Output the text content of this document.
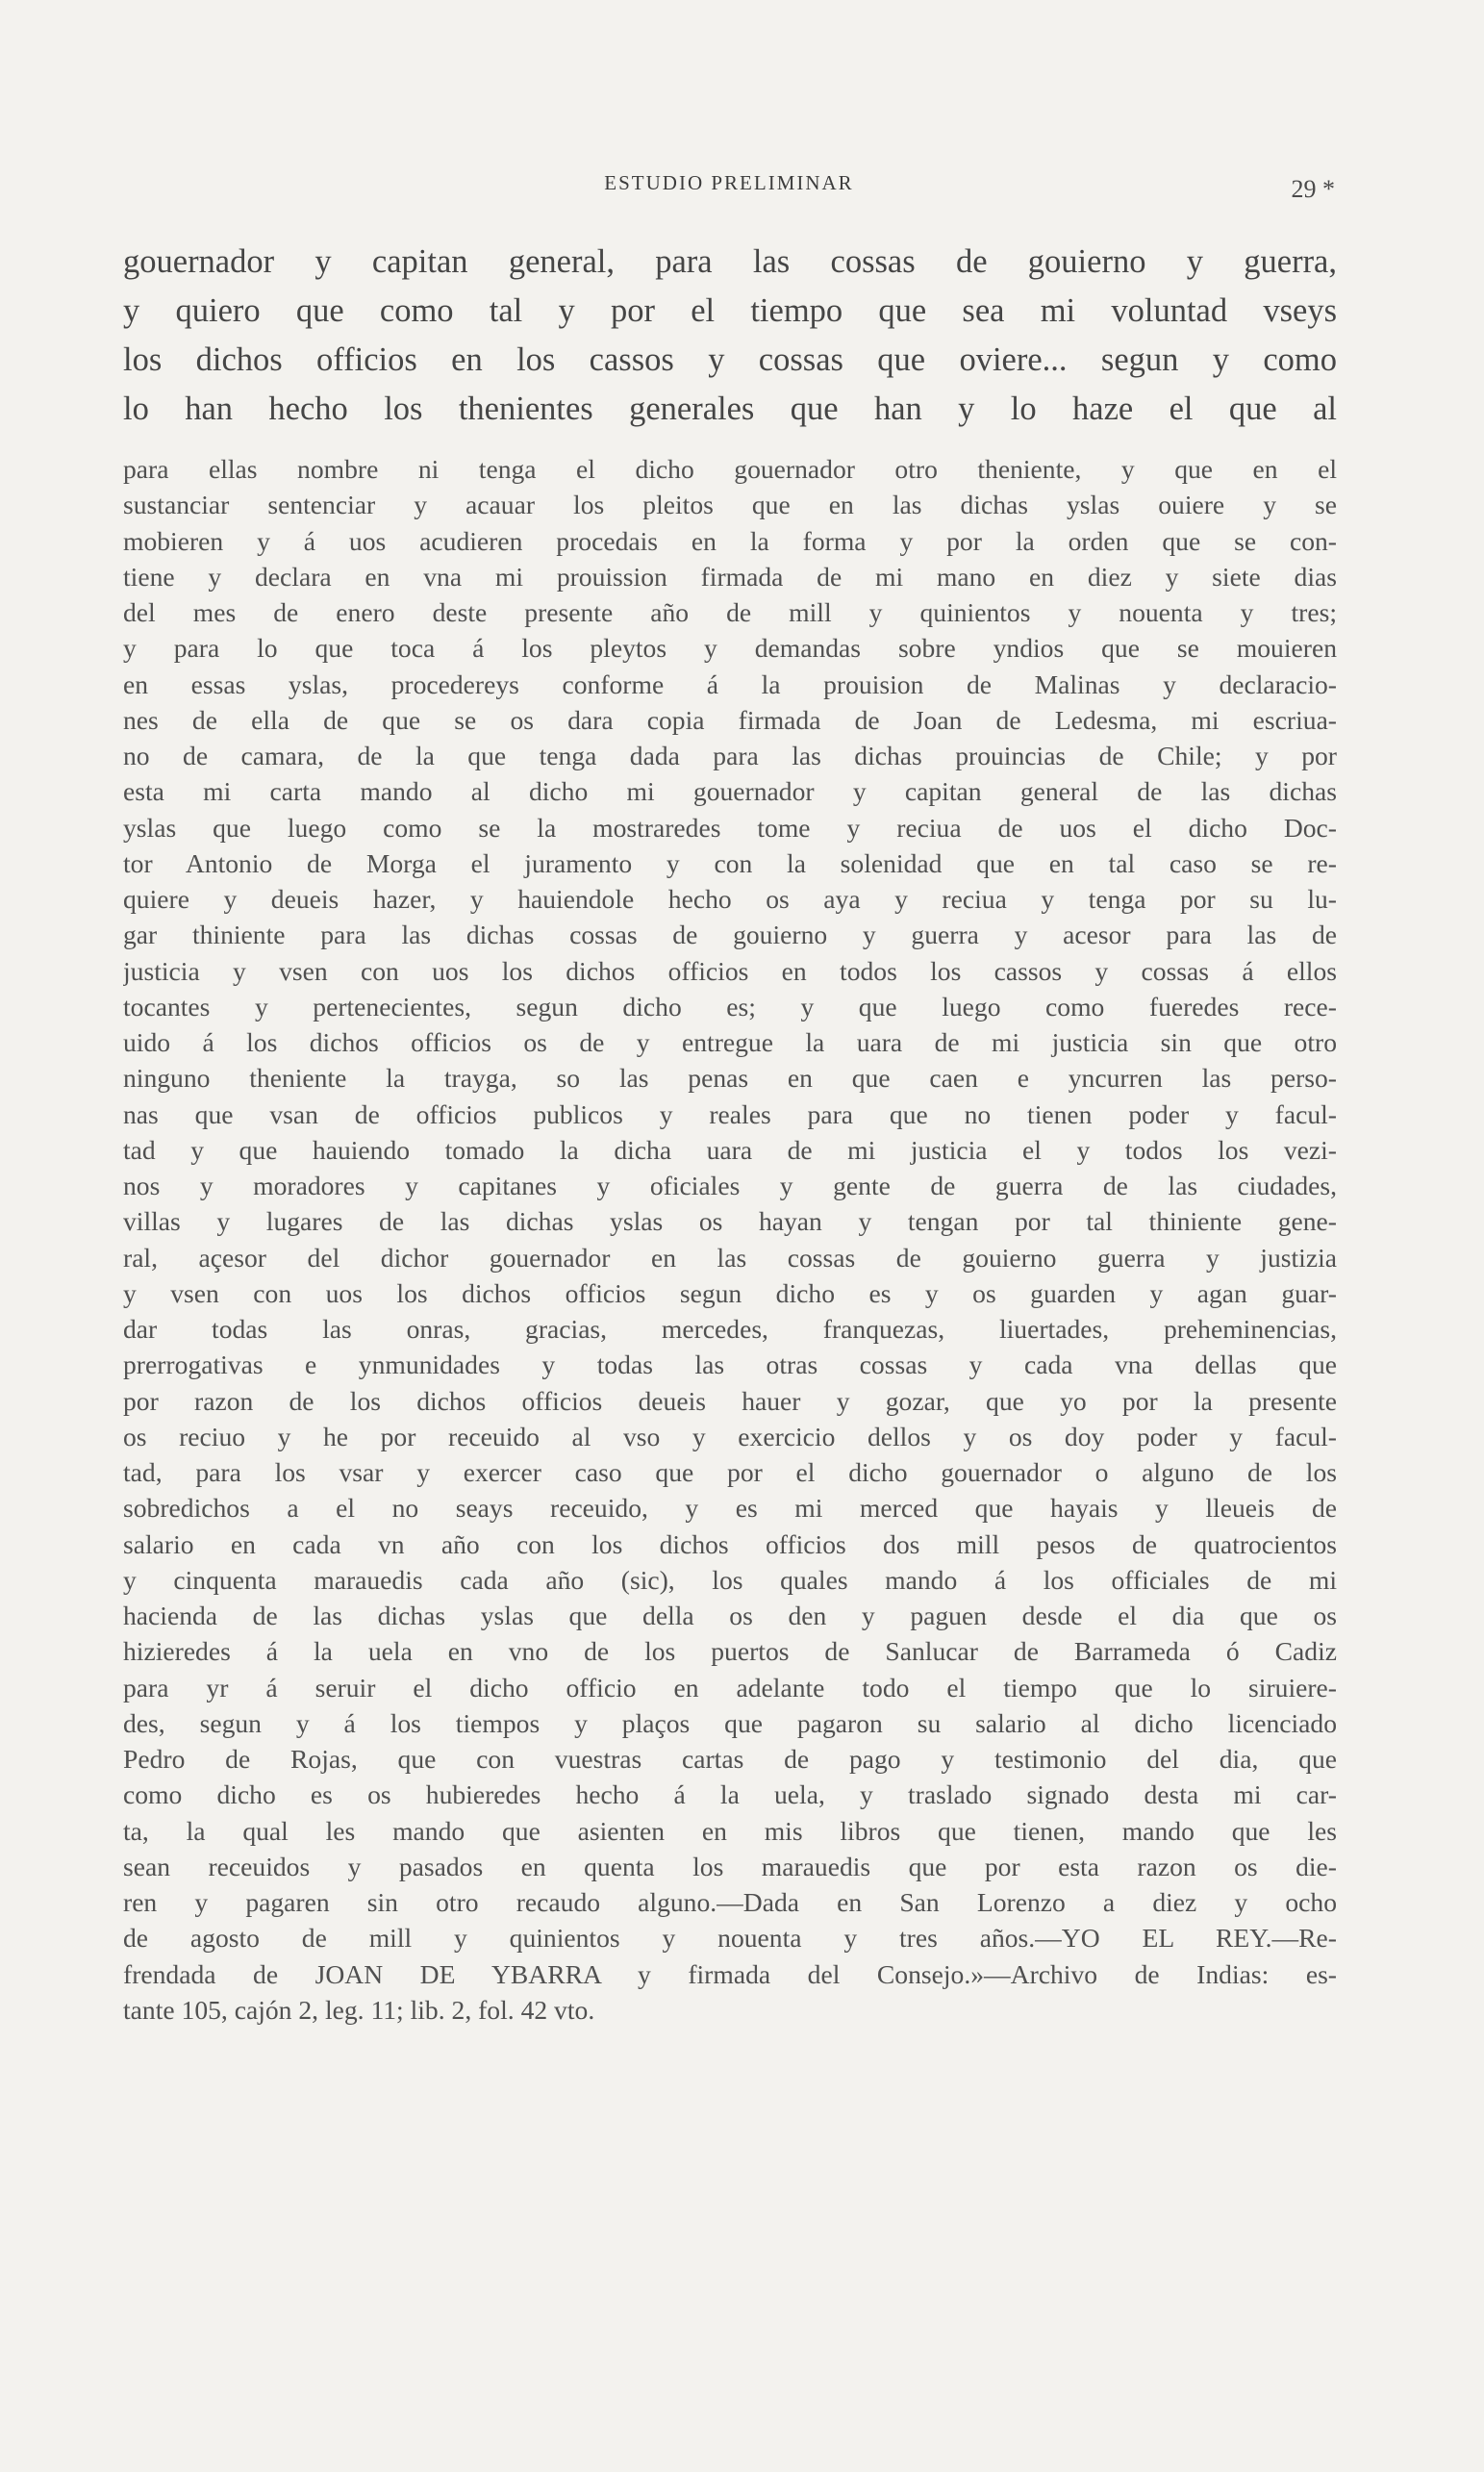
ESTUDIO PRELIMINAR	29 *
gouernador y capitan general, para las cossas de gouierno y guerra,
y quiero que como tal y por el tiempo que sea mi voluntad vseys
los dichos officios en los cassos y cossas que oviere... segun y como
lo han hecho los thenientes generales que han y lo haze el que al
para ellas nombre ni tenga el dicho gouernador otro theniente, y que en el
sustanciar sentenciar y acauar los pleitos que en las dichas yslas ouiere y se
mobieren y á uos acudieren procedais en la forma y por la orden que se con-
tiene y declara en vna mi prouission firmada de mi mano en diez y siete dias
del mes de enero deste presente año de mill y quinientos y nouenta y tres;
y para lo que toca á los pleytos y demandas sobre yndios que se mouieren
en essas yslas, procedereys conforme á la prouision de Malinas y declaracio-
nes de ella de que se os dara copia firmada de Joan de Ledesma, mi escriua-
no de camara, de la que tenga dada para las dichas prouincias de Chile; y por
esta mi carta mando al dicho mi gouernador y capitan general de las dichas
yslas que luego como se la mostraredes tome y reciua de uos el dicho Doc-
tor Antonio de Morga el juramento y con la solenidad que en tal caso se re-
quiere y deueis hazer, y hauiendole hecho os aya y reciua y tenga por su lu-
gar thiniente para las dichas cossas de gouierno y guerra y acesor para las de
justicia y vsen con uos los dichos officios en todos los cassos y cossas á ellos
tocantes y pertenecientes, segun dicho es; y que luego como fueredes rece-
uido á los dichos officios os de y entregue la uara de mi justicia sin que otro
ninguno theniente la trayga, so las penas en que caen e yncurren las perso-
nas que vsan de officios publicos y reales para que no tienen poder y facul-
tad y que hauiendo tomado la dicha uara de mi justicia el y todos los vezi-
nos y moradores y capitanes y oficiales y gente de guerra de las ciudades,
villas y lugares de las dichas yslas os hayan y tengan por tal thiniente gene-
ral, açesor del dichor gouernador en las cossas de gouierno guerra y justizia
y vsen con uos los dichos officios segun dicho es y os guarden y agan guar-
dar todas las onras, gracias, mercedes, franquezas, liuertades, preheminencias,
prerrogativas e ynmunidades y todas las otras cossas y cada vna dellas que
por razon de los dichos officios deueis hauer y gozar, que yo por la presente
os reciuo y he por receuido al vso y exercicio dellos y os doy poder y facul-
tad, para los vsar y exercer caso que por el dicho gouernador o alguno de los
sobredichos a el no seays receuido, y es mi merced que hayais y lleueis de
salario en cada vn año con los dichos officios dos mill pesos de quatrocientos
y cinquenta marauedis cada año (sic), los quales mando á los officiales de mi
hacienda de las dichas yslas que della os den y paguen desde el dia que os
hizieredes á la uela en vno de los puertos de Sanlucar de Barrameda ó Cadiz
para yr á seruir el dicho officio en adelante todo el tiempo que lo siruiere-
des, segun y á los tiempos y plaços que pagaron su salario al dicho licenciado
Pedro de Rojas, que con vuestras cartas de pago y testimonio del dia, que
como dicho es os hubieredes hecho á la uela, y traslado signado desta mi car-
ta, la qual les mando que asienten en mis libros que tienen, mando que les
sean receuidos y pasados en quenta los marauedis que por esta razon os die-
ren y pagaren sin otro recaudo alguno.—Dada en San Lorenzo a diez y ocho
de agosto de mill y quinientos y nouenta y tres años.—YO EL REY.—Re-
frendada de JOAN DE YBARRA y firmada del Consejo.»—Archivo de Indias: es-
tante 105, cajón 2, leg. 11; lib. 2, fol. 42 vto.
